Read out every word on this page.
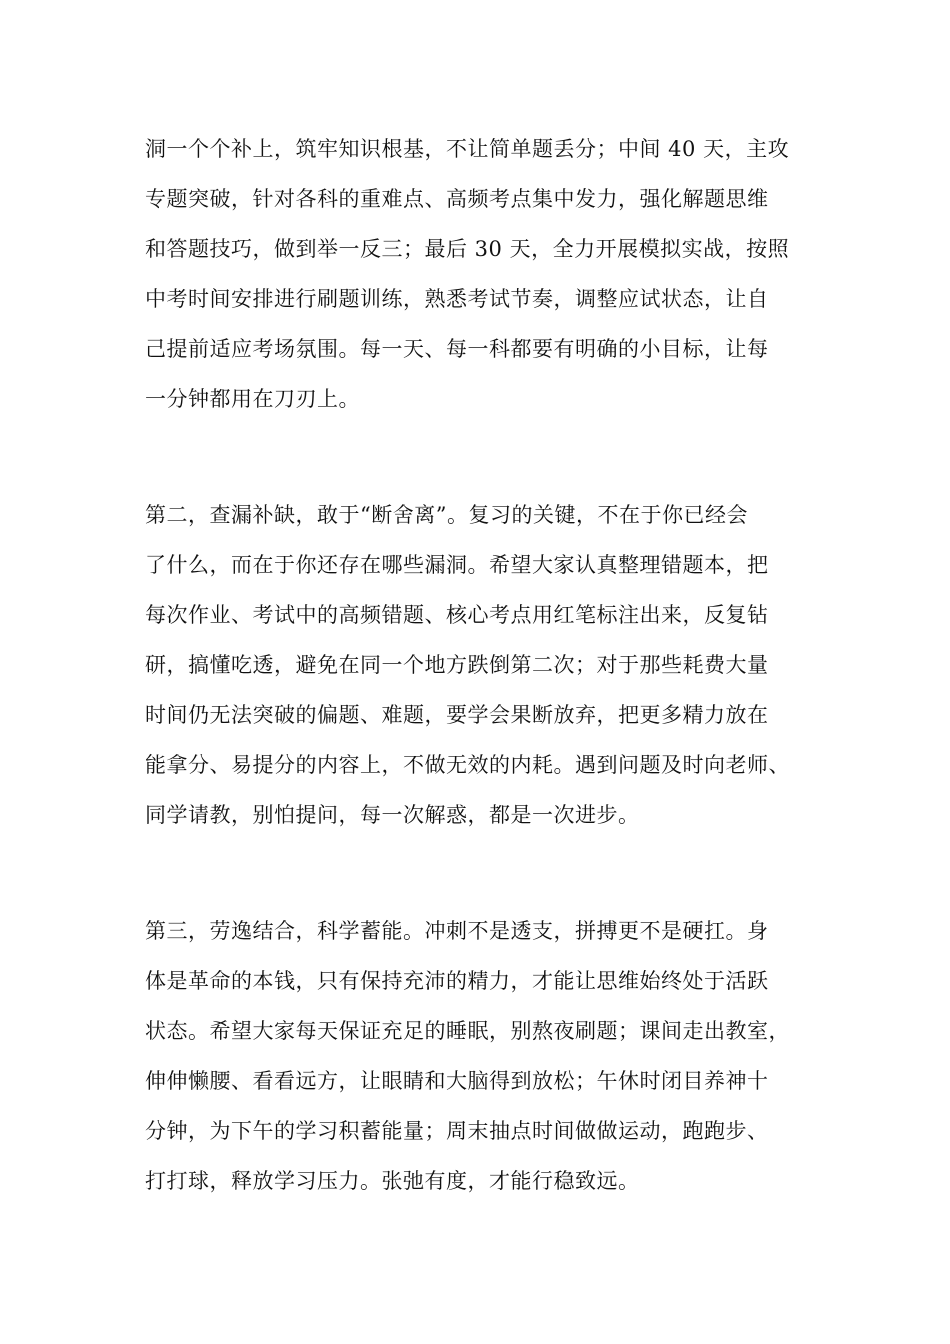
洞一个个补上，筑牢知识根基，不让简单题丢分；中间 40 天，主攻
专题突破，针对各科的重难点、高频考点集中发力，强化解题思维
和答题技巧，做到举一反三；最后 30 天，全力开展模拟实战，按照
中考时间安排进行刷题训练，熟悉考试节奏，调整应试状态，让自
己提前适应考场氛围。每一天、每一科都要有明确的小目标，让每
一分钟都用在刀刃上。
第二，查漏补缺，敢于“断舍离”。复习的关键，不在于你已经会
了什么，而在于你还存在哪些漏洞。希望大家认真整理错题本，把
每次作业、考试中的高频错题、核心考点用红笔标注出来，反复钻
研，搞懂吃透，避免在同一个地方跌倒第二次；对于那些耗费大量
时间仍无法突破的偏题、难题，要学会果断放弃，把更多精力放在
能拿分、易提分的内容上，不做无效的内耗。遇到问题及时向老师、
同学请教，别怕提问，每一次解惑，都是一次进步。
第三，劳逸结合，科学蓄能。冲刺不是透支，拼搏更不是硬扛。身
体是革命的本钱，只有保持充沛的精力，才能让思维始终处于活跃
状态。希望大家每天保证充足的睡眠，别熬夜刷题；课间走出教室，
伸伸懒腰、看看远方，让眼睛和大脑得到放松；午休时闭目养神十
分钟，为下午的学习积蓄能量；周末抽点时间做做运动，跑跑步、
打打球，释放学习压力。张弛有度，才能行稳致远。
